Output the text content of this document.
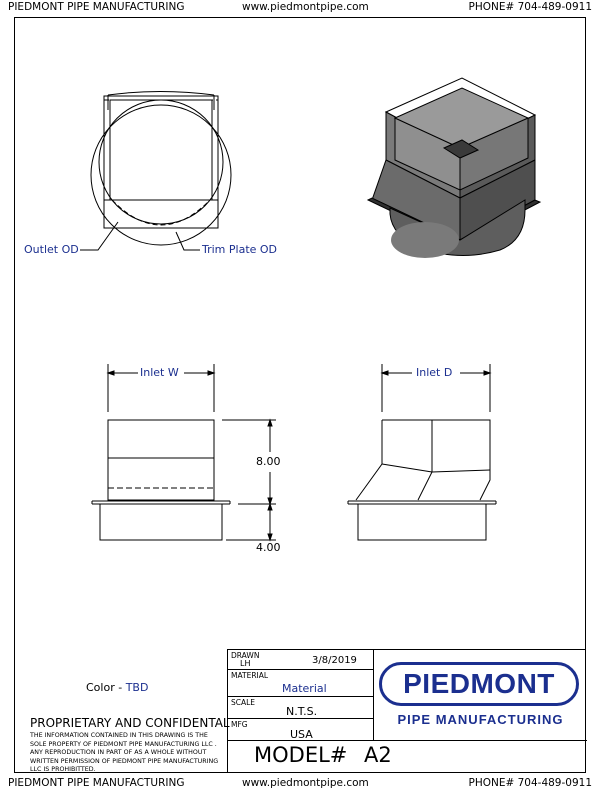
PIEDMONT PIPE MANUFACTURING	www.piedmontpipe.com	PHONE# 704-489-0911
Outlet OD	Trim Plate OD
Inlet W
8.00
4.00
Inlet D
Color - TBD
PROPRIETARY AND CONFIDENTAL
THE INFORMATION CONTAINED IN THIS DRAWING IS THE SOLE PROPERTY OF PIEDMONT PIPE MANUFACTURING LLC . ANY REPRODUCTION IN PART OF AS A WHOLE WITHOUT WRITTEN PERMISSION OF PIEDMONT PIPE MANUFACTURING LLC IS PROHIBITTED.
DRAWN
LH	3/8/2019
MATERIAL
Material
SCALE
N.T.S.
MFG
USA
PIEDMONT
PIPE MANUFACTURING
MODEL# A2
PIEDMONT PIPE MANUFACTURING	www.piedmontpipe.com	PHONE# 704-489-0911
